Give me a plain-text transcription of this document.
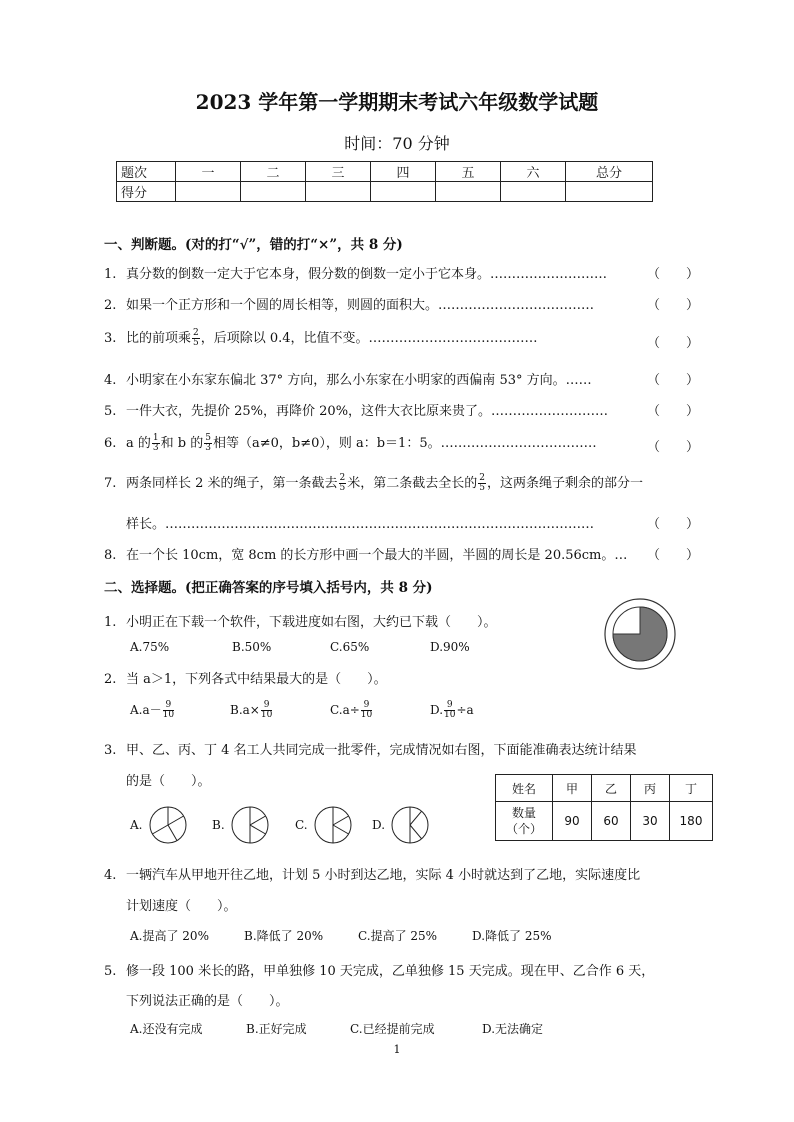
2023 学年第一学期期末考试六年级数学试题
时间：70 分钟
题次	一	二	三	四	五	六	总分
得分							
一、判断题。(对的打“√”，错的打“×”，共 8 分)
1. 真分数的倒数一定大于它本身，假分数的倒数一定小于它本身。………………………	（　　）
2. 如果一个正方形和一个圆的周长相等，则圆的面积大。………………………………	（　　）
3. 比的前项乘 $\frac{2}{5}$ ，后项除以 0.4，比值不变。…………………………………	（　　）
4. 小明家在小东家东偏北 37° 方向，那么小东家在小明家的西偏南 53° 方向。……	（　　）
5. 一件大衣，先提价 25%，再降价 20%，这件大衣比原来贵了。………………………	（　　）
6. a 的 $\frac{1}{3}$ 和 b 的 $\frac{5}{3}$ 相等（a≠0，b≠0），则 a：b＝1：5。………………………………	（　　）
7. 两条同样长 2 米的绳子，第一条截去 $\frac{2}{5}$ 米，第二条截去全长的 $\frac{2}{5}$ ，这两条绳子剩余的部分一
样长。………………………………………………………………………………………	（　　）
8. 在一个长 10cm，宽 8cm 的长方形中画一个最大的半圆，半圆的周长是 20.56cm。… （　　）
二、选择题。(把正确答案的序号填入括号内，共 8 分)
1. 小明正在下载一个软件，下载进度如右图，大约已下载（　　）。
A.75%	B.50%	C.65%	D.90%
2. 当 a＞1，下列各式中结果最大的是（　　）。
$A.a- \frac{9}{10}$	$B.a\times \frac{9}{10}$	$C.a\div \frac{9}{10}$	D. $\frac{9}{10} \div a$
3. 甲、乙、丙、丁 4 名工人共同完成一批零件，完成情况如右图，下面能准确表达统计结果
的是（　　）。	姓名	甲	乙	丙	丁
数量
（个）	90	60	30	180
A.	B.	C.	D.
4. 一辆汽车从甲地开往乙地，计划 5 小时到达乙地，实际 4 小时就达到了乙地，实际速度比
计划速度（　　）。
A.提高了 20%	B.降低了 20%	C.提高了 25%	D.降低了 25%
5. 修一段 100 米长的路，甲单独修 10 天完成，乙单独修 15 天完成。现在甲、乙合作 6 天，
下列说法正确的是（　　）。
A.还没有完成	B.正好完成	C.已经提前完成	D.无法确定
1
